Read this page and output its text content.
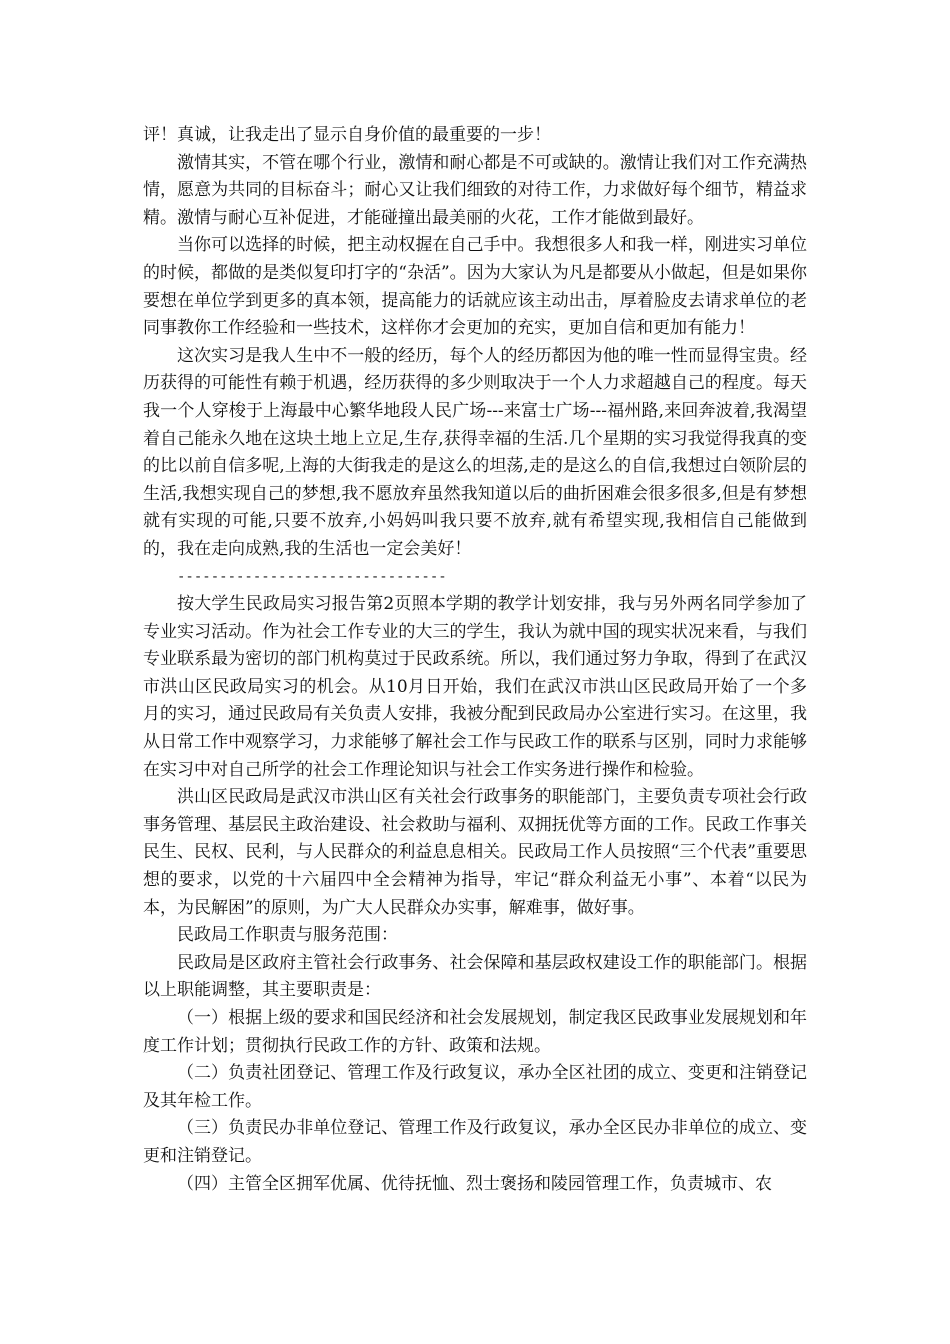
评！真诚，让我走出了显示自身价值的最重要的一步！

激情其实，不管在哪个行业，激情和耐心都是不可或缺的。激情让我们对工作充满热情，愿意为共同的目标奋斗；耐心又让我们细致的对待工作，力求做好每个细节，精益求精。激情与耐心互补促进，才能碰撞出最美丽的火花，工作才能做到最好。

当你可以选择的时候，把主动权握在自己手中。我想很多人和我一样，刚进实习单位的时候，都做的是类似复印打字的“杂活”。因为大家认为凡是都要从小做起，但是如果你要想在单位学到更多的真本领，提高能力的话就应该主动出击，厚着脸皮去请求单位的老同事教你工作经验和一些技术，这样你才会更加的充实，更加自信和更加有能力！

这次实习是我人生中不一般的经历，每个人的经历都因为他的唯一性而显得宝贵。经历获得的可能性有赖于机遇，经历获得的多少则取决于一个人力求超越自己的程度。每天我一个人穿梭于上海最中心繁华地段人民广场---来富士广场---福州路,来回奔波着,我渴望着自己能永久地在这块土地上立足,生存,获得幸福的生活.几个星期的实习我觉得我真的变的比以前自信多呢,上海的大街我走的是这么的坦荡,走的是这么的自信,我想过白领阶层的生活,我想实现自己的梦想,我不愿放弃虽然我知道以后的曲折困难会很多很多,但是有梦想就有实现的可能,只要不放弃,小妈妈叫我只要不放弃,就有希望实现,我相信自己能做到的，我在走向成熟,我的生活也一定会美好！

--------------------------------

按大学生民政局实习报告第2页照本学期的教学计划安排，我与另外两名同学参加了专业实习活动。作为社会工作专业的大三的学生，我认为就中国的现实状况来看，与我们专业联系最为密切的部门机构莫过于民政系统。所以，我们通过努力争取，得到了在武汉市洪山区民政局实习的机会。从10月日开始，我们在武汉市洪山区民政局开始了一个多月的实习，通过民政局有关负责人安排，我被分配到民政局办公室进行实习。在这里，我从日常工作中观察学习，力求能够了解社会工作与民政工作的联系与区别，同时力求能够在实习中对自己所学的社会工作理论知识与社会工作实务进行操作和检验。

洪山区民政局是武汉市洪山区有关社会行政事务的职能部门，主要负责专项社会行政事务管理、基层民主政治建设、社会救助与福利、双拥抚优等方面的工作。民政工作事关民生、民权、民利，与人民群众的利益息息相关。民政局工作人员按照“三个代表”重要思想的要求，以党的十六届四中全会精神为指导，牢记“群众利益无小事”、本着“以民为本，为民解困”的原则，为广大人民群众办实事，解难事，做好事。

民政局工作职责与服务范围：

民政局是区政府主管社会行政事务、社会保障和基层政权建设工作的职能部门。根据以上职能调整，其主要职责是：

（一）根据上级的要求和国民经济和社会发展规划，制定我区民政事业发展规划和年度工作计划；贯彻执行民政工作的方针、政策和法规。

（二）负责社团登记、管理工作及行政复议，承办全区社团的成立、变更和注销登记及其年检工作。

（三）负责民办非单位登记、管理工作及行政复议，承办全区民办非单位的成立、变更和注销登记。

（四）主管全区拥军优属、优待抚恤、烈士褒扬和陵园管理工作，负责城市、农
